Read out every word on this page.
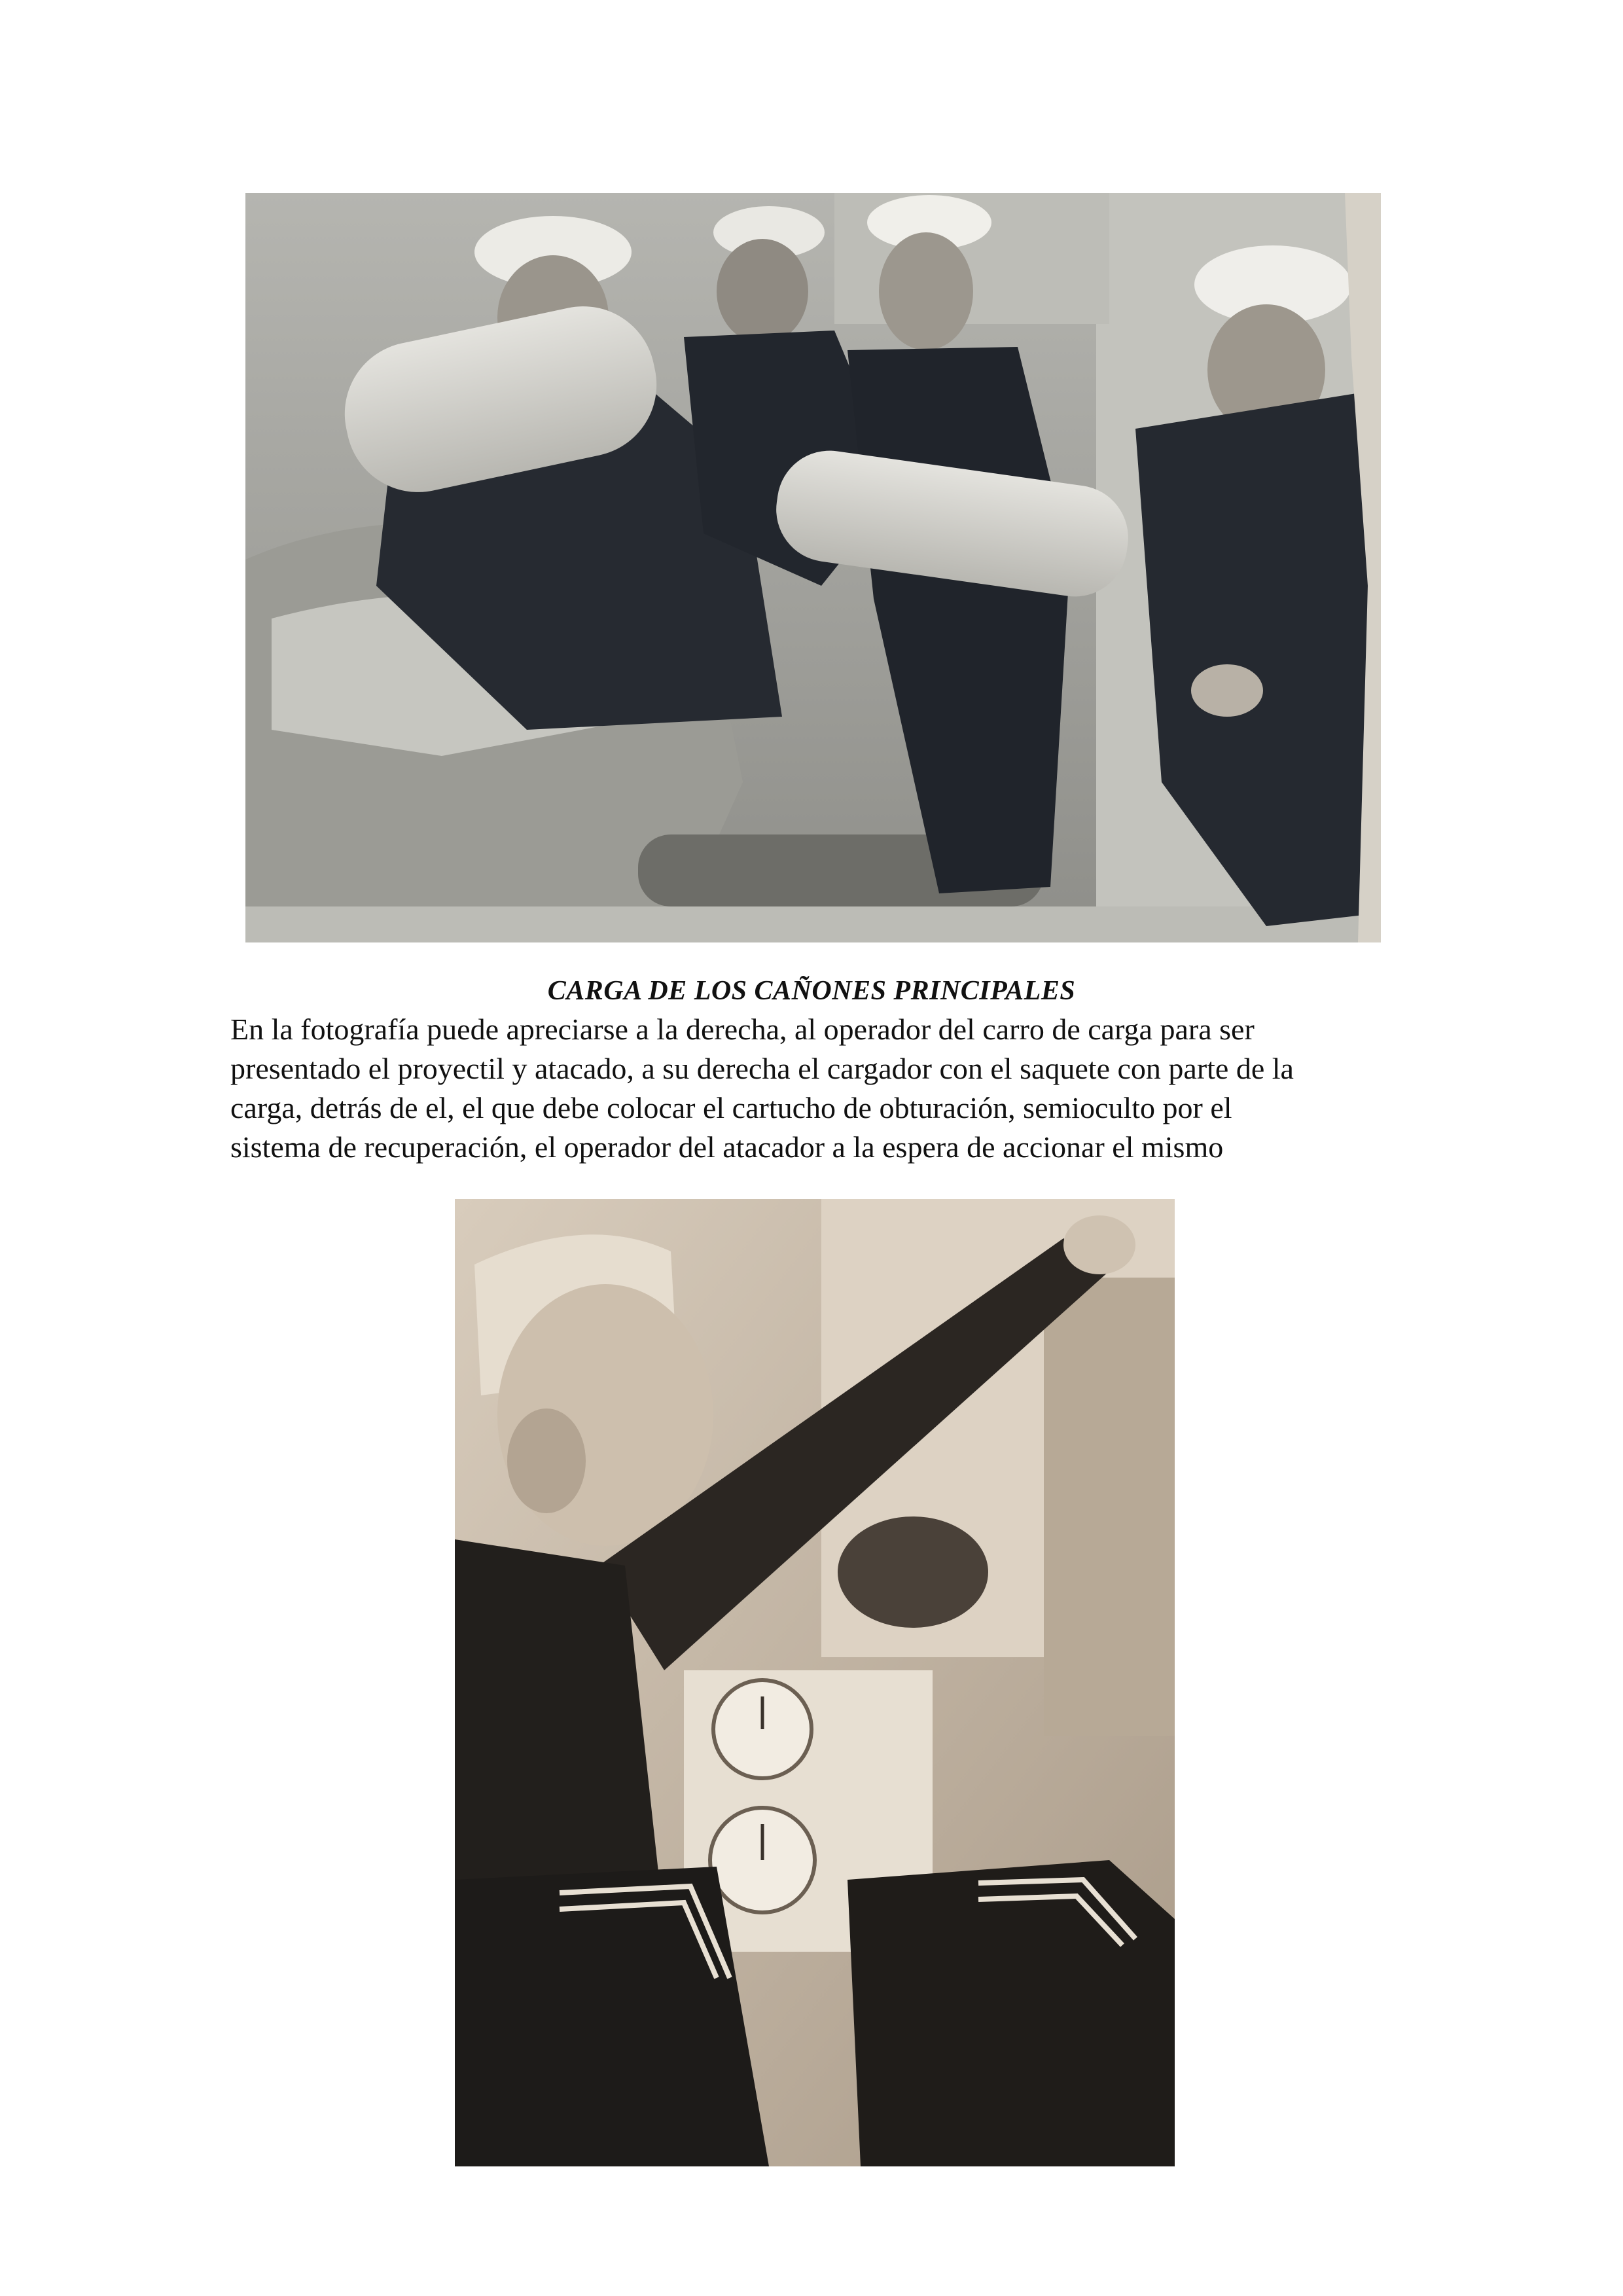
CARGA DE LOS CAÑONES PRINCIPALES
En la fotografía puede apreciarse a la derecha, al operador del carro de carga para ser
presentado el proyectil y atacado, a su derecha el cargador con el saquete con parte de la
carga, detrás de el, el que debe colocar el cartucho de obturación, semioculto por el
sistema de recuperación, el operador del atacador a la espera de accionar el mismo
